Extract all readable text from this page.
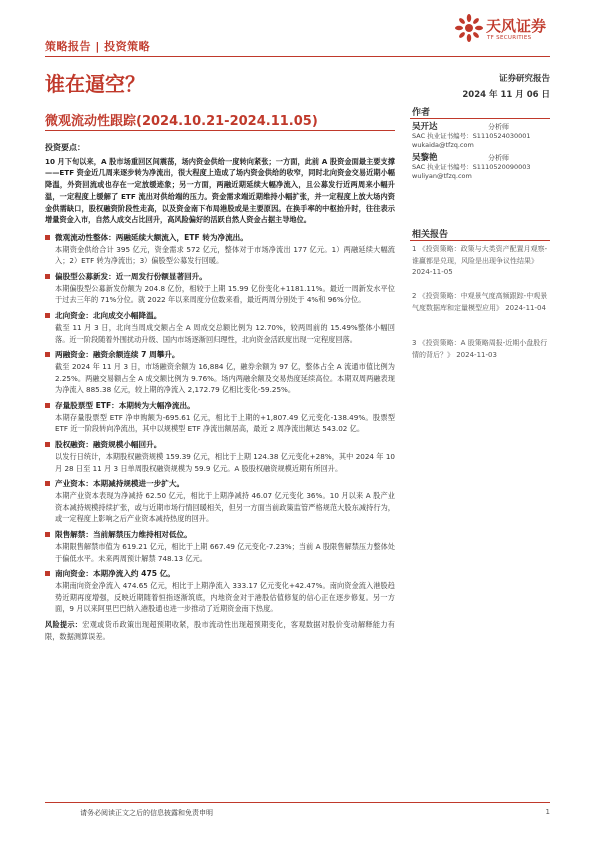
策略报告 | 投资策略
天风证券
TF SECURITIES
谁在逼空？	证券研究报告
2024 年 11 月 06 日
微观流动性跟踪(2024.10.21-2024.11.05)
作者
吴开达	分析师
SAC 执业证书编号：S1110524030001
wukaida@tfzq.com
吴黎艳	分析师
SAC 执业证书编号：S1110520090003
wuliyan@tfzq.com
相关报告
1 《投资策略：政策与大类资产配置月观察-谁赢都是兑现，风险是出现争议性结果》 2024-11-05
2 《投资策略：中观景气度高频跟踪-中观景气度数据库和定量模型应用》 2024-11-04
3 《投资策略：A 股策略周报-近期小盘股行情的背后？》 2024-11-03
投资要点：
10 月下旬以来，A 股市场重回区间震荡，场内资金供给一度转向紧张；一方面，此前 A 股资金面最主要支撑——ETF 资金近几周来逐步转为净流出，很大程度上造成了场内资金供给的收窄，同时北向资金交易近期小幅降温，外资回流或也存在一定放缓迹象；另一方面，两融近期延续大幅净流入，且公募发行近两周来小幅升温，一定程度上缓解了 ETF 流出对供给端的压力。资金需求端近期维持小幅扩张，并一定程度上放大场内资金供需缺口，股权融资阶段性走高，以及资金南下布局港股或是主要原因。在换手率的中枢抬升时，往往表示增量资金入市，自然人成交占比回升，高风险偏好的活跃自然人资金占据主导地位。
微观流动性整体：两融延续大额流入，ETF 转为净流出。
本期资金供给合计 395 亿元，资金需求 572 亿元，整体对于市场净流出 177 亿元。1）两融延续大幅流入；2）ETF 转为净流出；3）偏股型公募发行回暖。
偏股型公募新发：近一周发行份额显著回升。
本期偏股型公募新发份额为 204.8 亿份，相较于上期 15.99 亿份变化+1181.11%。最近一周新发水平位于过去三年的 71%分位。就 2022 年以来周度分位数来看，最近两周分别处于 4%和 96%分位。
北向资金：北向成交小幅降温。
截至 11 月 3 日，北向当周成交额占全 A 周成交总额比例为 12.70%，较两周前的 15.49%整体小幅回落。近一阶段随着外围扰动升级、国内市场逐渐回归理性，北向资金活跃度出现一定程度回落。
两融资金：融资余额连续 7 周攀升。
截至 2024 年 11 月 3 日，市场融资余额为 16,884 亿，融券余额为 97 亿，整体占全 A 流通市值比例为 2.25%。两融交易额占全 A 成交额比例为 9.76%。场内两融余额及交易热度延续高位。本期双周两融表现为净流入 885.38 亿元，较上期的净流入 2,172.79 亿相比变化-59.25%。
存量股票型 ETF：本期转为大幅净流出。
本期存量股票型 ETF 净申购额为-695.61 亿元，相比于上期的+1,807.49 亿元变化-138.49%。股票型 ETF 近一阶段转向净流出，其中以规模型 ETF 净流出额居高，最近 2 周净流出额达 543.02 亿。
股权融资：融资规模小幅回升。
以发行日统计，本期股权融资规模 159.39 亿元，相比于上期 124.38 亿元变化+28%，其中 2024 年 10 月 28 日至 11 月 3 日单周股权融资规模为 59.9 亿元。A 股股权融资规模近期有所回升。
产业资本：本期减持规模进一步扩大。
本期产业资本表现为净减持 62.50 亿元，相比于上期净减持 46.07 亿元变化 36%。10 月以来 A 股产业资本减持规模持续扩张，或与近期市场行情回暖相关，但另一方面当前政策监管严格规范大股东减持行为，或一定程度上影响之后产业资本减持热度的回升。
限售解禁：当前解禁压力维持相对低位。
本期限售解禁市值为 619.21 亿元，相比于上期 667.49 亿元变化-7.23%；当前 A 股限售解禁压力整体处于偏低水平。未来两周预计解禁 748.13 亿元。
南向资金：本期净流入约 475 亿。
本期南向资金净流入 474.65 亿元，相比于上期净流入 333.17 亿元变化+42.47%。南向资金流入港股趋势近期再度增强，反映近期随着恒指逐渐筑底，内地资金对于港股估值修复的信心正在逐步修复。另一方面，9 月以来阿里巴巴纳入港股通也进一步推动了近期资金南下热度。
风险提示：宏观或货币政策出现超预期收紧，股市流动性出现超预期变化，客观数据对股价变动解释能力有限，数据测算误差。
请务必阅读正文之后的信息披露和免责申明	1
